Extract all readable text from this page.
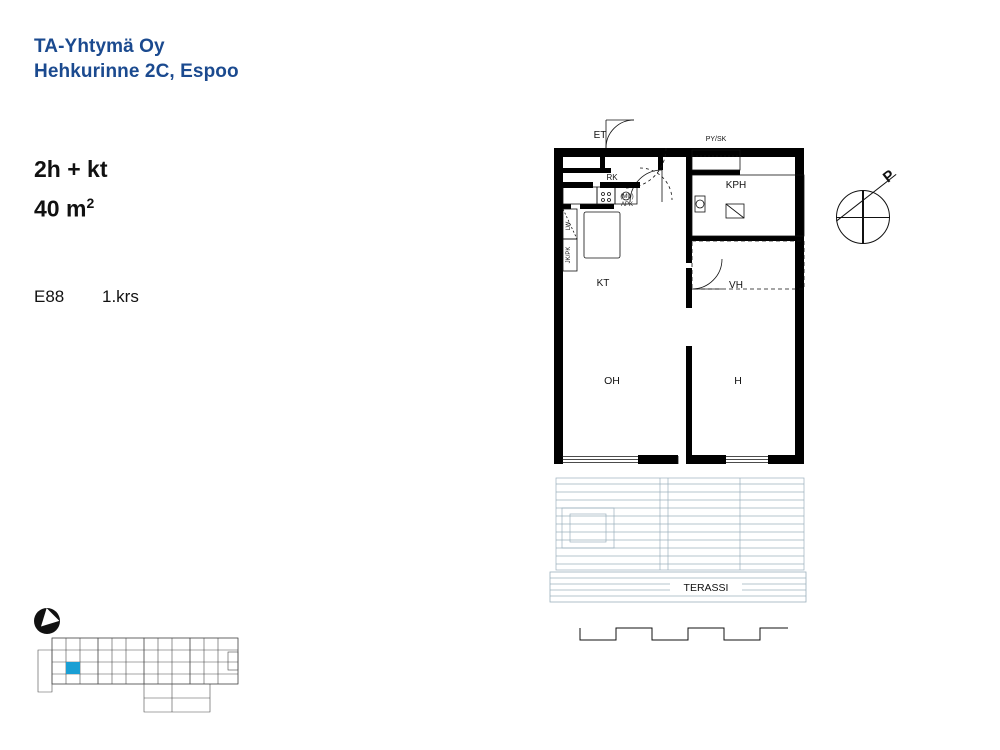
TA-Yhtymä Oy
Hehkurinne 2C, Espoo
2h + kt
40 $m^2$
E88 1.krs
P
TERASSI
ET	PY/SK
KPH
RK
(MU)
APK
KT
LW
JK/PK
VH
OH	H
